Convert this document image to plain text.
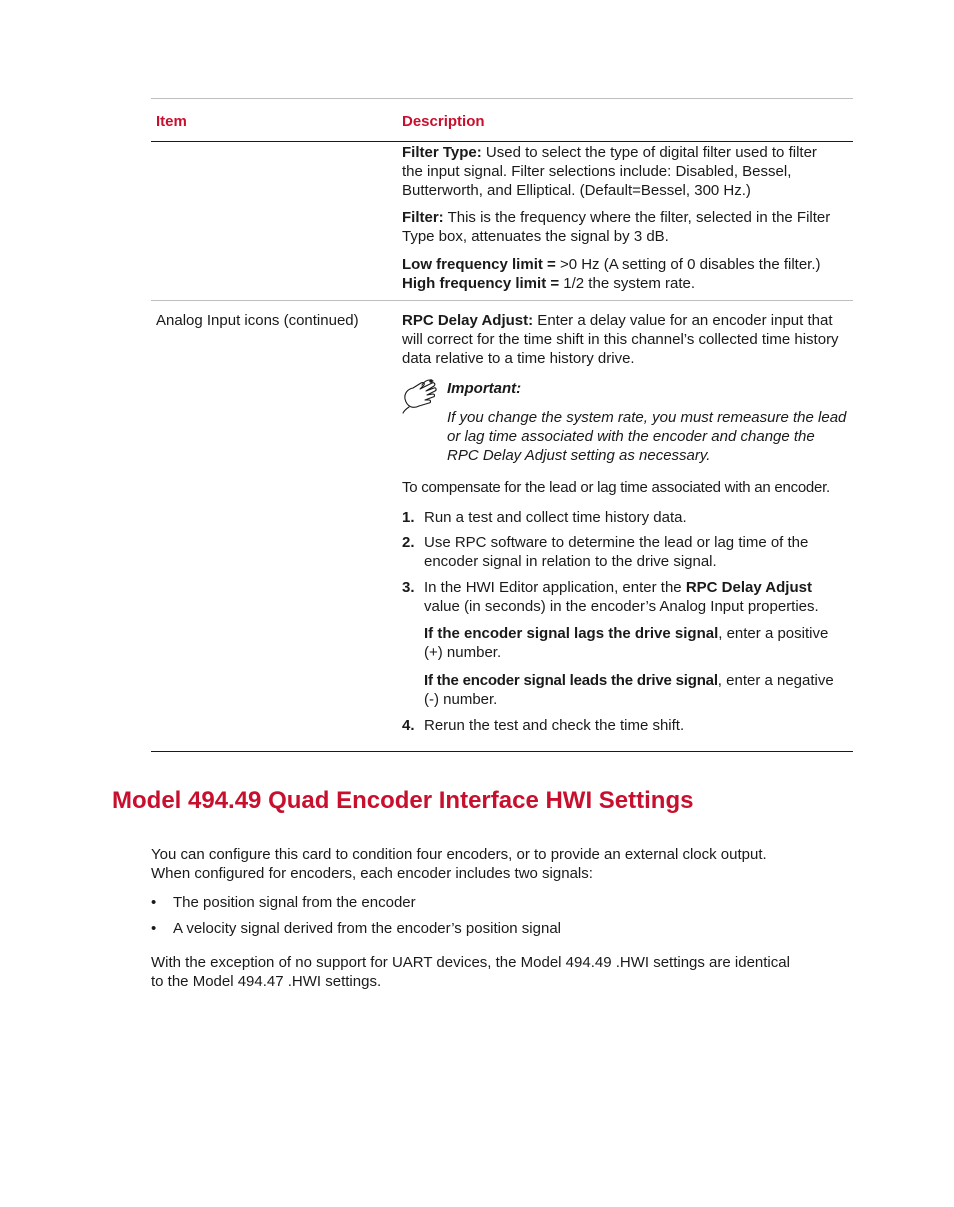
Item	Description

Filter Type: Used to select the type of digital filter used to filter
the input signal. Filter selections include: Disabled, Bessel,
Butterworth, and Elliptical. (Default=Bessel, 300 Hz.)

Filter: This is the frequency where the filter, selected in the Filter
Type box, attenuates the signal by 3 dB.
Low frequency limit = >0 Hz (A setting of 0 disables the filter.)
High frequency limit = 1/2 the system rate.
Analog Input icons (continued)	RPC Delay Adjust: Enter a delay value for an encoder input that
will correct for the time shift in this channel’s collected time history
data relative to a time history drive.
Important:
If you change the system rate, you must remeasure the lead
or lag time associated with the encoder and change the
RPC Delay Adjust setting as necessary.
To compensate for the lead or lag time associated with an encoder.
1. Run a test and collect time history data.
2. Use RPC software to determine the lead or lag time of the
encoder signal in relation to the drive signal.
3. In the HWI Editor application, enter the RPC Delay Adjust
value (in seconds) in the encoder’s Analog Input properties.
If the encoder signal lags the drive signal, enter a positive
(+) number.
If the encoder signal leads the drive signal, enter a negative
(-) number.
4. Rerun the test and check the time shift.
Model 494.49 Quad Encoder Interface HWI Settings
You can configure this card to condition four encoders, or to provide an external clock output.
When configured for encoders, each encoder includes two signals:
• The position signal from the encoder
• A velocity signal derived from the encoder’s position signal
With the exception of no support for UART devices, the Model 494.49 .HWI settings are identical
to the Model 494.47 .HWI settings.
